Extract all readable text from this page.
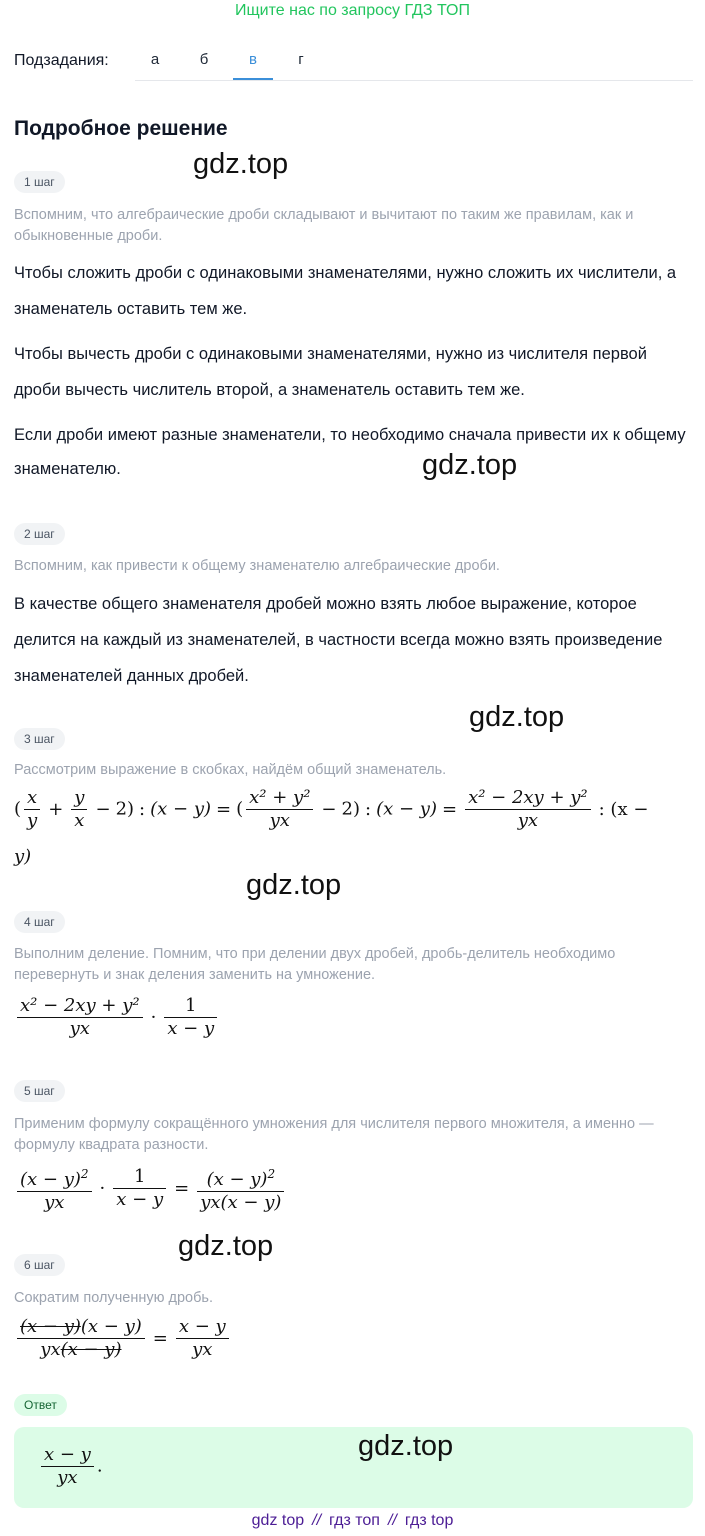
Ищите нас по запросу ГДЗ ТОП
Подзадания:	а	б	в	г
Подробное решение
gdz.top
gdz.top
gdz.top
gdz.top
gdz.top
gdz.top
1 шаг
Вспомним, что алгебраические дроби складывают и вычитают по таким же правилам, как и обыкновенные дроби.
Чтобы сложить дроби с одинаковыми знаменателями, нужно сложить их числители, а знаменатель оставить тем же.
Чтобы вычесть дроби с одинаковыми знаменателями, нужно из числителя первой дроби вычесть числитель второй, а знаменатель оставить тем же.
Если дроби имеют разные знаменатели, то необходимо сначала привести их к общему знаменателю.
2 шаг
Вспомним, как привести к общему знаменателю алгебраические дроби.
В качестве общего знаменателя дробей можно взять любое выражение, которое делится на каждый из знаменателей, в частности всегда можно взять произведение знаменателей данных дробей.
3 шаг
Рассмотрим выражение в скобках, найдём общий знаменатель.
( $\frac{x}{y} + \frac{y}{x} - 2$) : (x − y) = ( $\frac{\text{x² + y²}}{yx} - 2$) : $(x - y) = \frac{\text{x² − 2xy + y²}}{yx}$ : (x −
y)
4 шаг
Выполним деление. Помним, что при делении двух дробей, дробь-делитель необходимо перевернуть и знак деления заменить на умножение.
$\frac{\text{x² − 2xy + y²}}{yx} \cdot \frac{1}{x - y}$
5 шаг
Применим формулу сокращённого умножения для числителя первого множителя, а именно — формулу квадрата разности.
$\frac{(x - y)^2}{yx} \cdot \frac{1}{x - y} = \frac{(x - y)^2}{yx(x - y)}$
6 шаг
Сократим полученную дробь.
$\frac{(x - y)(x - y)}{yx(x - y)} = \frac{x - y}{yx}$
Ответ
$\frac{x - y}{yx}$ .
gdz top // гдз топ // гдз top
